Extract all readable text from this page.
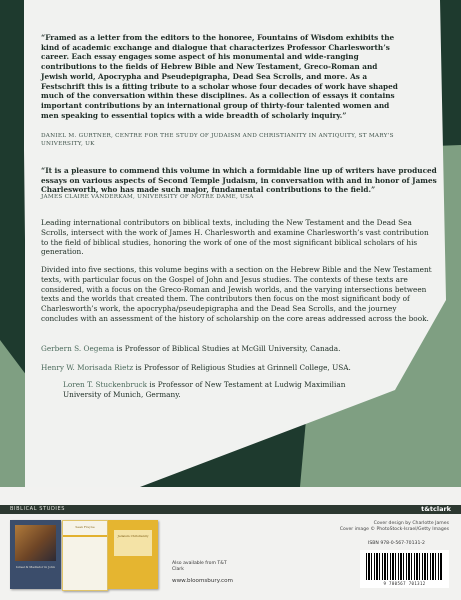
“Framed as a letter from the editors to the honoree, Fountains of Wisdom exhibits the kind of academic exchange and dialogue that characterizes Professor Charlesworth’s career. Each essay engages some aspect of his monumental and wide-ranging contributions to the fields of Hebrew Bible and New Testament, Greco-Roman and Jewish world, Apocrypha and Pseudepigrapha, Dead Sea Scrolls, and more. As a Festschrift this is a fitting tribute to a scholar whose four decades of work have shaped much of the conversation within these disciplines. As a collection of essays it contains important contributions by an international group of thirty-four talented women and men speaking to essential topics with a wide breadth of scholarly inquiry.”

DANIEL M. GURTNER, CENTRE FOR THE STUDY OF JUDAISM AND CHRISTIANITY IN ANTIQUITY, ST MARY’S UNIVERSITY, UK

“It is a pleasure to commend this volume in which a formidable line up of writers have produced essays on various aspects of Second Temple Judaism, in conversation with and in honor of James Charlesworth, who has made such major, fundamental contributions to the field.”

JAMES CLAIRE VANDERKAM, UNIVERSITY OF NOTRE DAME, USA

Leading international contributors on biblical texts, including the New Testament and the Dead Sea Scrolls, intersect with the work of James H. Charlesworth and examine Charlesworth’s vast contribution to the field of biblical studies, honoring the work of one of the most significant biblical scholars of his generation.

Divided into five sections, this volume begins with a section on the Hebrew Bible and the New Testament texts, with particular focus on the Gospel of John and Jesus studies. The contexts of these texts are considered, with a focus on the Greco-Roman and Jewish worlds, and the varying intersections between texts and the worlds that created them. The contributors then focus on the most significant body of Charlesworth’s work, the apocrypha/pseudepigrapha and the Dead Sea Scrolls, and the journey concludes with an assessment of the history of scholarship on the core areas addressed across the book.

Gerbern S. Oegema is Professor of Biblical Studies at McGill University, Canada.

Henry W. Morisada Rietz is Professor of Religious Studies at Grinnell College, USA.

Loren T. Stuckenbruck is Professor of New Testament at Ludwig Maximilian University of Munich, Germany.

BIBLICAL STUDIES	t&tclark
Israel & Mediator in John
Sean Freyne
Judaism Christianity
Also available from T&T Clark
www.bloomsbury.com
Cover design by Charlotte James
Cover image © PhotoStock-Israel/Getty Images
ISBN 978-0-567-70131-2
9 780567 701312
